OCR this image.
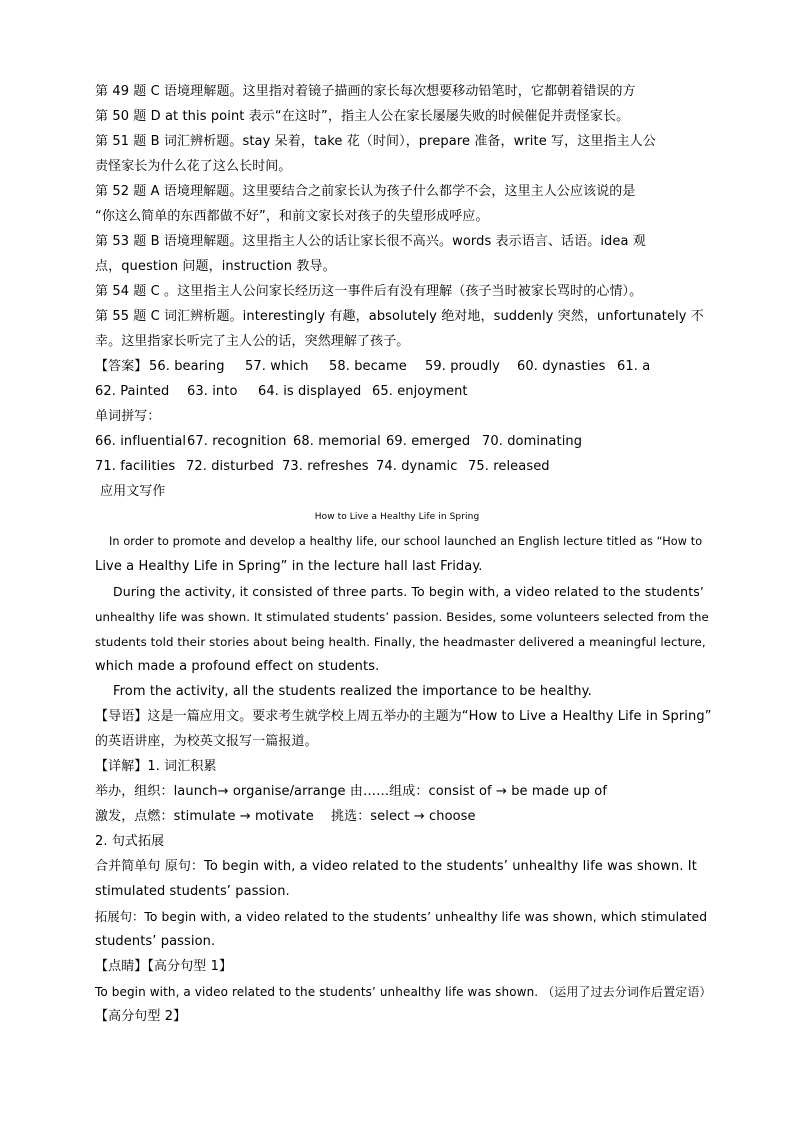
第 49 题 C 语境理解题。这里指对着镜子描画的家长每次想要移动铅笔时，它都朝着错误的方
第 50 题 D at this point 表示“在这时”，指主人公在家长屡屡失败的时候催促并责怪家长。
第 51 题 B 词汇辨析题。stay 呆着，take 花（时间），prepare 准备，write 写，这里指主人公
责怪家长为什么花了这么长时间。
第 52 题 A 语境理解题。这里要结合之前家长认为孩子什么都学不会，这里主人公应该说的是
“你这么简单的东西都做不好”，和前文家长对孩子的失望形成呼应。
第 53 题 B 语境理解题。这里指主人公的话让家长很不高兴。words 表示语言、话语。idea 观
点，question 问题，instruction 教导。
第 54 题 C 。这里指主人公问家长经历这一事件后有没有理解（孩子当时被家长骂时的心情）。
第 55 题 C 词汇辨析题。interestingly 有趣，absolutely 绝对地，suddenly 突然，unfortunately 不
幸。这里指家长听完了主人公的话，突然理解了孩子。
【答案】 56. bearing 57. which 58. became 59. proudly 60. dynasties 61. a
62. Painted 63. into 64. is displayed 65. enjoyment
单词拼写：
66. influential67. recognition 68. memorial 69. emerged 70. dominating
71. facilities 72. disturbed 73. refreshes 74. dynamic 75. released
应用文写作
How to Live a Healthy Life in Spring
In order to promote and develop a healthy life, our school launched an English lecture titled as “How to
Live a Healthy Life in Spring” in the lecture hall last Friday.
During the activity, it consisted of three parts. To begin with, a video related to the students’
unhealthy life was shown. It stimulated students’ passion. Besides, some volunteers selected from the
students told their stories about being health. Finally, the headmaster delivered a meaningful lecture,
which made a profound effect on students.
From the activity, all the students realized the importance to be healthy.
【导语】这是一篇应用文。要求考生就学校上周五举办的主题为“How to Live a Healthy Life in Spring”
的英语讲座，为校英文报写一篇报道。
【详解】1. 词汇积累
举办，组织：launch→ organise/arrange 由……组成：consist of → be made up of
激发，点燃：stimulate → motivate 挑选：select → choose
2. 句式拓展
合并简单句 原句：To begin with, a video related to the students’ unhealthy life was shown. It
stimulated students’ passion.
拓展句：To begin with, a video related to the students’ unhealthy life was shown, which stimulated
students’ passion.
【点睛】【高分句型 1】
To begin with, a video related to the students’ unhealthy life was shown. （运用了过去分词作后置定语）
【高分句型 2】
